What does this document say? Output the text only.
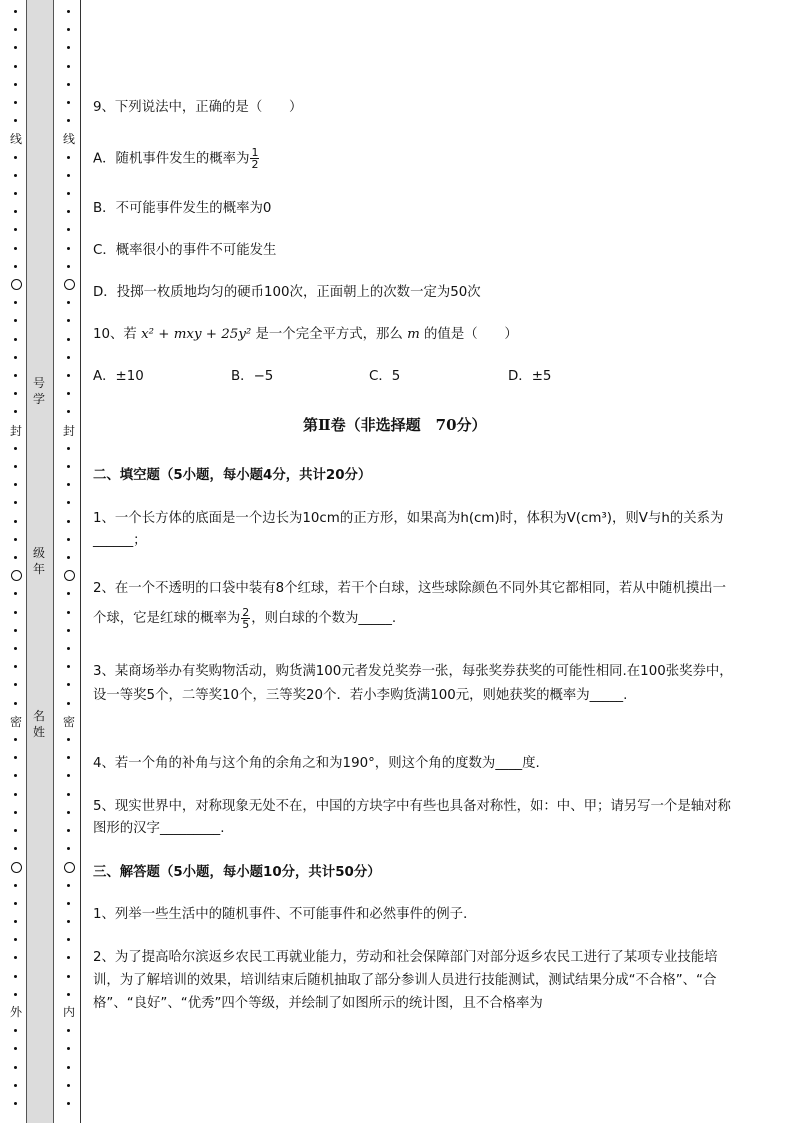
线
封
密
外
线
封
密
内
号学
级年
名姓
9、下列说法中，正确的是（　　）
A．随机事件发生的概率为 $\frac{1}{2}$
B．不可能事件发生的概率为0
C．概率很小的事件不可能发生
D．投掷一枚质地均匀的硬币100次，正面朝上的次数一定为50次
10、若 x² + mxy + 25y² 是一个完全平方式，那么 m 的值是（　　）
A．±10	B．−5	C．5	D．±5
第Ⅱ卷（非选择题　70分）
二、填空题（5小题，每小题4分，共计20分）
1、一个长方体的底面是一个边长为10cm的正方形，如果高为h(cm)时，体积为V(cm³)，则V与h的关系为______；
2、在一个不透明的口袋中装有8个红球，若干个白球，这些球除颜色不同外其它都相同，若从中随机摸出一个球，它是红球的概率为 $\frac{2}{5}$ ，则白球的个数为_____.
3、某商场举办有奖购物活动，购货满100元者发兑奖券一张，每张奖券获奖的可能性相同.在100张奖券中，设一等奖5个，二等奖10个，三等奖20个．若小李购货满100元，则她获奖的概率为_____.
4、若一个角的补角与这个角的余角之和为190°，则这个角的度数为____度.
5、现实世界中，对称现象无处不在，中国的方块字中有些也具备对称性，如：中、甲；请另写一个是轴对称图形的汉字_________.
三、解答题（5小题，每小题10分，共计50分）
1、列举一些生活中的随机事件、不可能事件和必然事件的例子．
2、为了提高哈尔滨返乡农民工再就业能力，劳动和社会保障部门对部分返乡农民工进行了某项专业技能培训，为了解培训的效果，培训结束后随机抽取了部分参训人员进行技能测试，测试结果分成“不合格”、“合格”、“良好”、“优秀”四个等级，并绘制了如图所示的统计图，且不合格率为
